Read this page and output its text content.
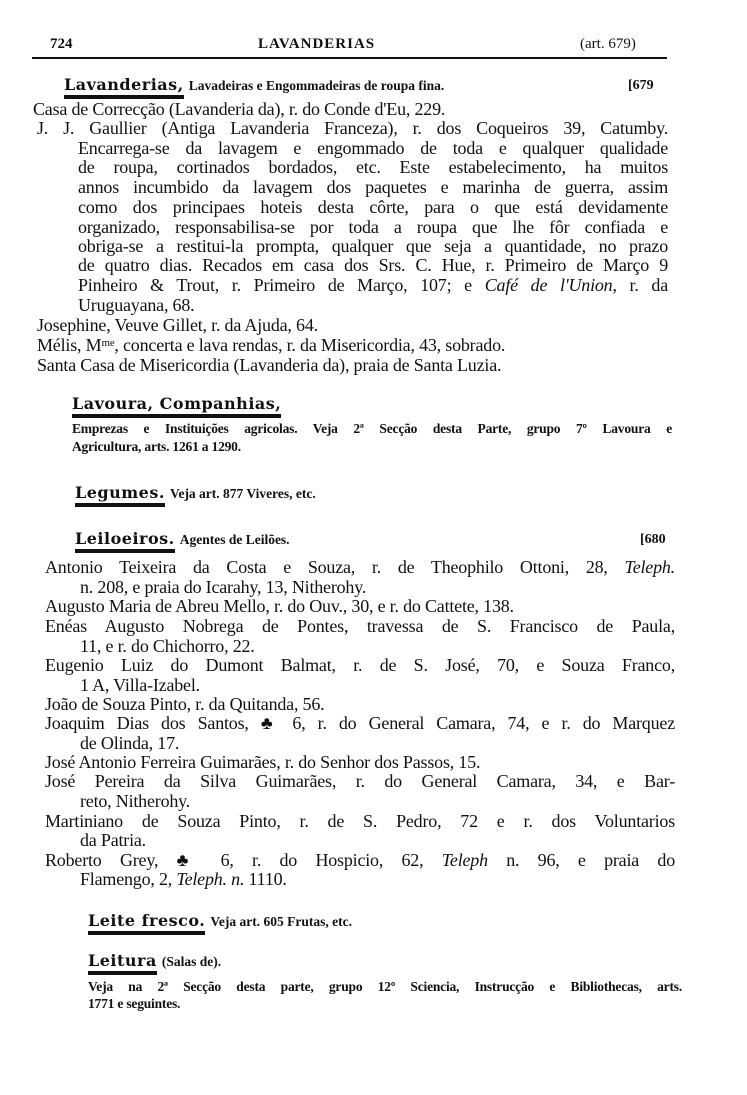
724	LAVANDERIAS	(art. 679)
Lavanderias, Lavadeiras e Engommadeiras de roupa fina.	[679
Casa de Correcção (Lavanderia da), r. do Conde d'Eu, 229.
J. J. Gaullier (Antiga Lavanderia Franceza), r. dos Coqueiros 39, Catumby.
Encarrega-se da lavagem e engommado de toda e qualquer qualidade
de roupa, cortinados bordados, etc. Este estabelecimento, ha muitos
annos incumbido da lavagem dos paquetes e marinha de guerra, assim
como dos principaes hoteis desta côrte, para o que está devidamente
organizado, responsabilisa-se por toda a roupa que lhe fôr confiada e
obriga-se a restitui-la prompta, qualquer que seja a quantidade, no prazo
de quatro dias. Recados em casa dos Srs. C. Hue, r. Primeiro de Março 9
Pinheiro & Trout, r. Primeiro de Março, 107; e Café de l'Union, r. da
Uruguayana, 68.
Josephine, Veuve Gillet, r. da Ajuda, 64.
Mélis, Mᵐᵉ, concerta e lava rendas, r. da Misericordia, 43, sobrado.
Santa Casa de Misericordia (Lavanderia da), praia de Santa Luzia.
Lavoura, Companhias,
Emprezas e Instituições agricolas. Veja 2ª Secção desta Parte, grupo 7º Lavoura e
Agricultura, arts. 1261 a 1290.
Legumes. Veja art. 877 Viveres, etc.
Leiloeiros. Agentes de Leilões.	[680
Antonio Teixeira da Costa e Souza, r. de Theophilo Ottoni, 28, Teleph.
n. 208, e praia do Icarahy, 13, Nitherohy.
Augusto Maria de Abreu Mello, r. do Ouv., 30, e r. do Cattete, 138.
Enéas Augusto Nobrega de Pontes, travessa de S. Francisco de Paula,
11, e r. do Chichorro, 22.
Eugenio Luiz do Dumont Balmat, r. de S. José, 70, e Souza Franco,
1 A, Villa-Izabel.
João de Souza Pinto, r. da Quitanda, 56.
Joaquim Dias dos Santos, ♣ 6, r. do General Camara, 74, e r. do Marquez
de Olinda, 17.
José Antonio Ferreira Guimarães, r. do Senhor dos Passos, 15.
José Pereira da Silva Guimarães, r. do General Camara, 34, e Bar-
reto, Nitherohy.
Martiniano de Souza Pinto, r. de S. Pedro, 72 e r. dos Voluntarios
da Patria.
Roberto Grey, ♣ 6, r. do Hospicio, 62, Teleph n. 96, e praia do
Flamengo, 2, Teleph. n. 1110.
Leite fresco. Veja art. 605 Frutas, etc.
Leitura (Salas de).
Veja na 2ª Secção desta parte, grupo 12º Sciencia, Instrucção e Bibliothecas, arts.
1771 e seguintes.
